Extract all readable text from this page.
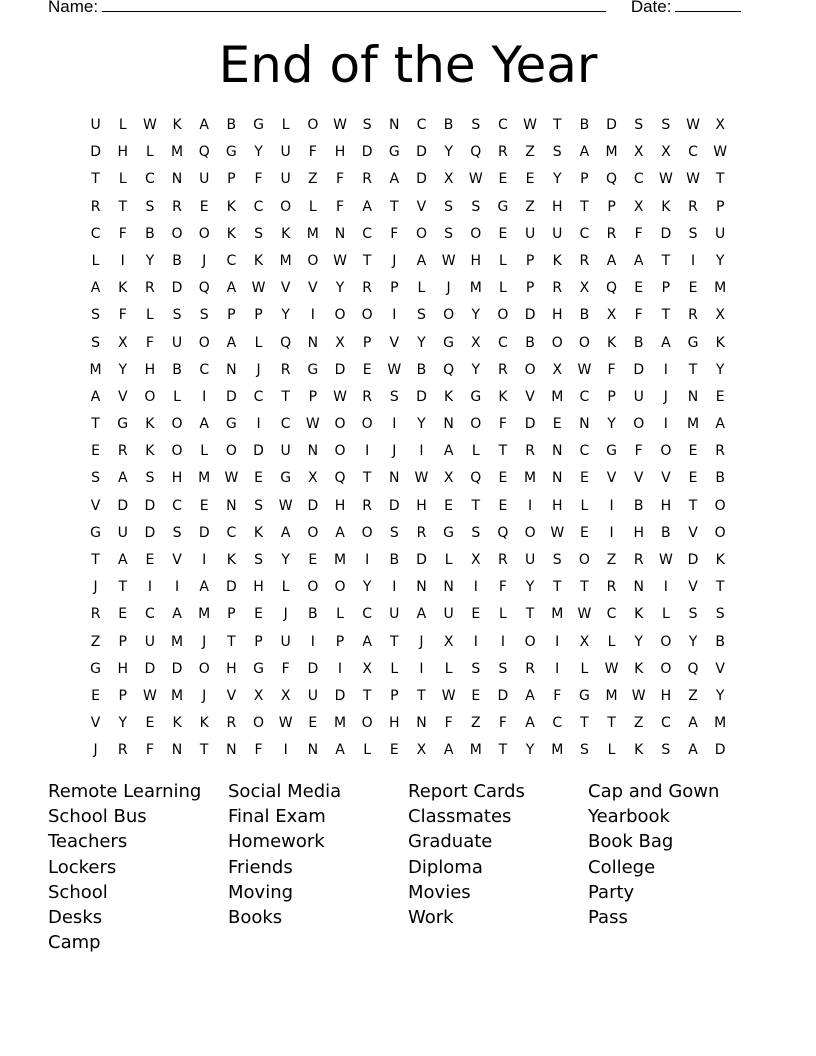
Name:	Date:
End of the Year
U	L	W	K	A	B	G	L	O	W	S	N	C	B	S	C	W	T	B	D	S	S	W	X
D	H	L	M	Q	G	Y	U	F	H	D	G	D	Y	Q	R	Z	S	A	M	X	X	C	W
T	L	C	N	U	P	F	U	Z	F	R	A	D	X	W	E	E	Y	P	Q	C	W W	T
R	T	S	R	E	K	C	O	L	F	A	T	V	S	S	G	Z	H	T	P	X	K	R	P
C	F	B	O	O	K	S	K	M	N	C	F	O	S	O	E	U	U	C	R	F	D	S	U
L	I	Y	B	J	C	K	M	O	W	T	J	A	W	H	L	P	K	R	A	A	T	I	Y
A	K	R	D	Q	A	W	V	V	Y	R	P	L	J	M	L	P	R	X	Q	E	P	E	M
S	F	L	S	S	P	P	Y	I	O	O	I	S	O	Y	O	D	H	B	X	F	T	R	X
S	X	F	U	O	A	L	Q	N	X	P	V	Y	G	X	C	B	O	O	K	B	A	G	K
M	Y	H	B	C	N	J	R	G	D	E	W	B	Q	Y	R	O	X	W	F	D	I	T	Y
A	V	O	L	I	D	C	T	P	W	R	S	D	K	G	K	V	M	C	P	U	J	N	E
T	G	K	O	A	G	I	C	W	O	O	I	Y	N	O	F	D	E	N	Y	O	I	M	A
E	R	K	O	L	O	D	U	N	O	I	J	I	A	L	T	R	N	C	G	F	O	E	R
S	A	S	H	M	W	E	G	X	Q	T	N	W	X	Q	E	M	N	E	V	V	V	E	B
V	D	D	C	E	N	S	W	D	H	R	D	H	E	T	E	I	H	L	I	B	H	T	O
G	U	D	S	D	C	K	A	O	A	O	S	R	G	S	Q	O	W	E	I	H	B	V	O
T	A	E	V	I	K	S	Y	E	M	I	B	D	L	X	R	U	S	O	Z	R	W	D	K
J	T	I	I	A	D	H	L	O	O	Y	I	N	N	I	F	Y	T	T	R	N	I	V	T
R	E	C	A	M	P	E	J	B	L	C	U	A	U	E	L	T	M	W	C	K	L	S	S
Z	P	U	M	J	T	P	U	I	P	A	T	J	X	I	I	O	I	X	L	Y	O	Y	B
G	H	D	D	O	H	G	F	D	I	X	L	I	L	S	S	R	I	L	W	K	O	Q	V
E	P	W	M	J	V	X	X	U	D	T	P	T	W	E	D	A	F	G	M	W	H	Z	Y
V	Y	E	K	K	R	O	W	E	M	O	H	N	F	Z	F	A	C	T	T	Z	C	A	M
J	R	F	N	T	N	F	I	N	A	L	E	X	A	M	T	Y	M	S	L	K	S	A	D
Remote Learning
School Bus
Teachers
Lockers
School
Desks
Camp
Social Media
Final Exam
Homework
Friends
Moving
Books
Report Cards
Classmates
Graduate
Diploma
Movies
Work
Cap and Gown
Yearbook
Book Bag
College
Party
Pass
